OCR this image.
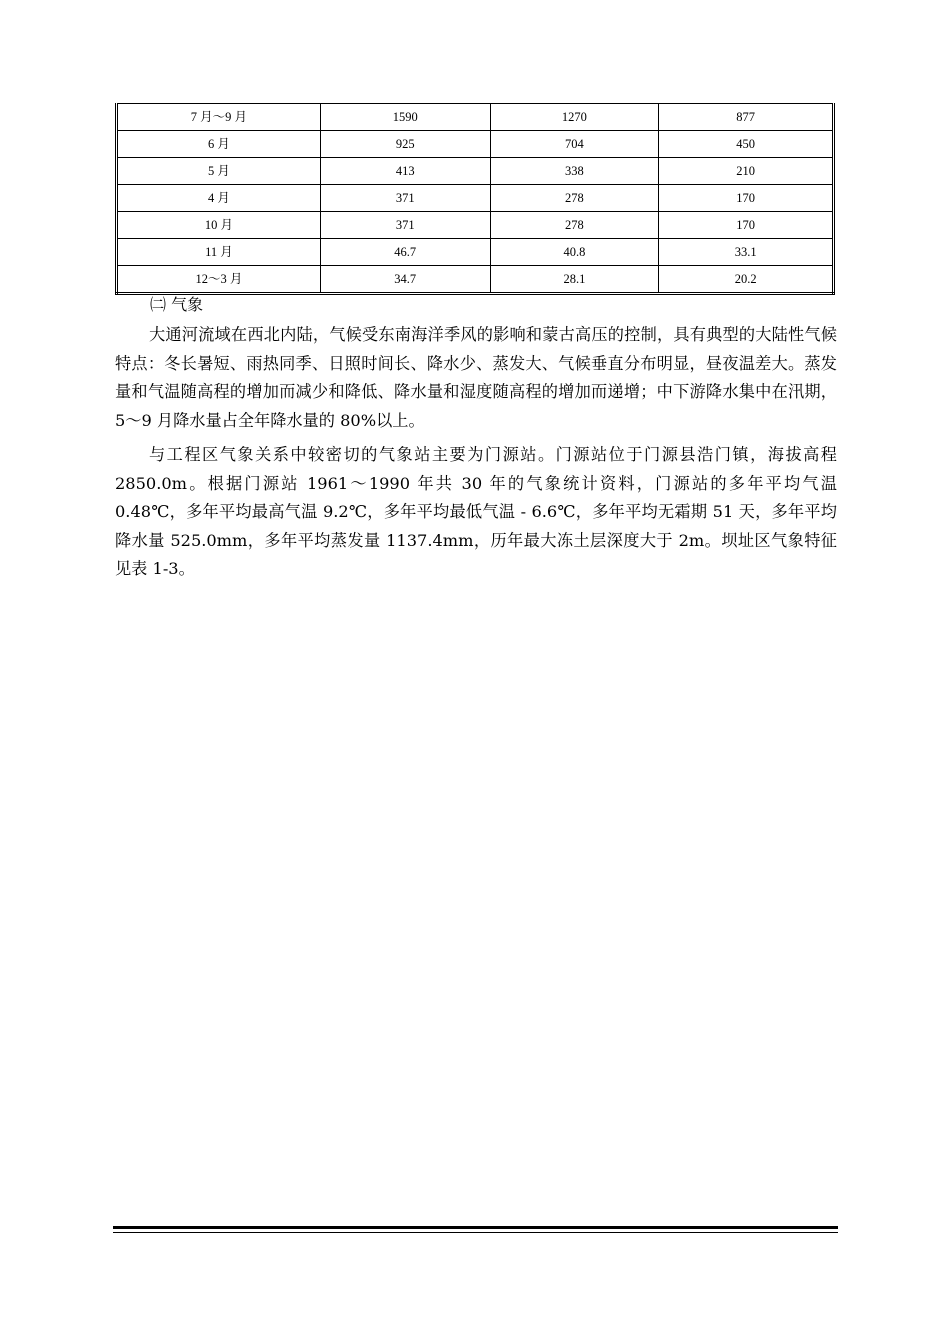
7 月～9 月	1590	1270	877
6 月	925	704	450
5 月	413	338	210
4 月	371	278	170
10 月	371	278	170
11 月	46.7	40.8	33.1
12～3 月	34.7	28.1	20.2
㈡ 气象

大通河流域在西北内陆，气候受东南海洋季风的影响和蒙古高压的控制，具有典型的大陆性气候特点：冬长暑短、雨热同季、日照时间长、降水少、蒸发大、气候垂直分布明显，昼夜温差大。蒸发量和气温随高程的增加而减少和降低、降水量和湿度随高程的增加而递增；中下游降水集中在汛期，5～9 月降水量占全年降水量的 80%以上。

与工程区气象关系中较密切的气象站主要为门源站。门源站位于门源县浩门镇，海拔高程 2850.0m。根据门源站 1961～1990 年共 30 年的气象统计资料，门源站的多年平均气温 0.48℃，多年平均最高气温 9.2℃，多年平均最低气温 - 6.6℃，多年平均无霜期 51 天，多年平均降水量 525.0mm，多年平均蒸发量 1137.4mm，历年最大冻土层深度大于 2m。坝址区气象特征见表 1-3。
